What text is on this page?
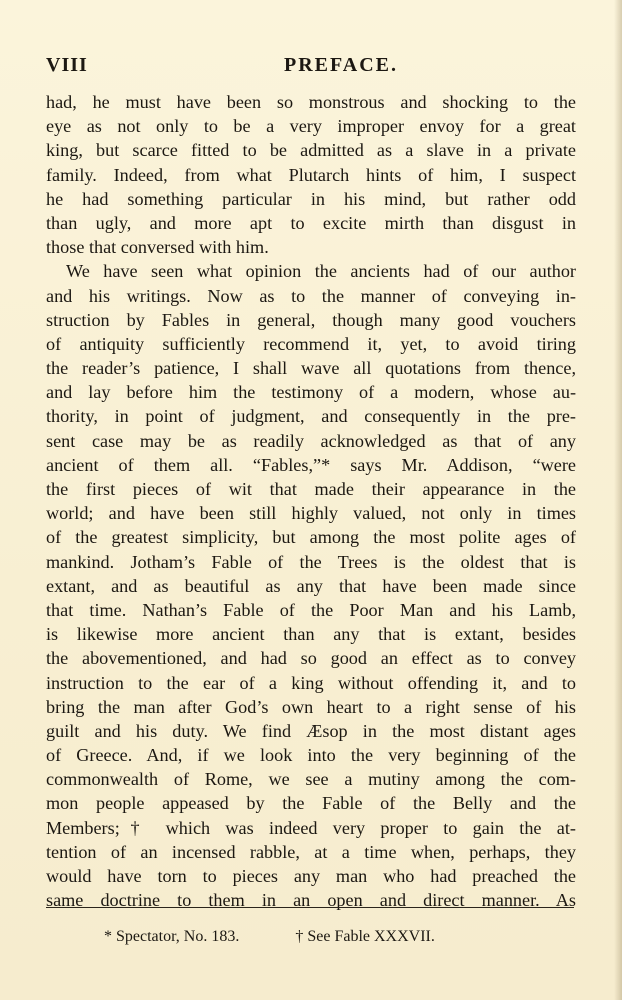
VIII	PREFACE.
had, he must have been so monstrous and shocking to the
eye as not only to be a very improper envoy for a great
king, but scarce fitted to be admitted as a slave in a private
family. Indeed, from what Plutarch hints of him, I suspect
he had something particular in his mind, but rather odd
than ugly, and more apt to excite mirth than disgust in
those that conversed with him.
We have seen what opinion the ancients had of our author
and his writings. Now as to the manner of conveying in-
struction by Fables in general, though many good vouchers
of antiquity sufficiently recommend it, yet, to avoid tiring
the reader’s patience, I shall wave all quotations from thence,
and lay before him the testimony of a modern, whose au-
thority, in point of judgment, and consequently in the pre-
sent case may be as readily acknowledged as that of any
ancient of them all. “Fables,”* says Mr. Addison, “were
the first pieces of wit that made their appearance in the
world; and have been still highly valued, not only in times
of the greatest simplicity, but among the most polite ages of
mankind. Jotham’s Fable of the Trees is the oldest that is
extant, and as beautiful as any that have been made since
that time. Nathan’s Fable of the Poor Man and his Lamb,
is likewise more ancient than any that is extant, besides
the abovementioned, and had so good an effect as to convey
instruction to the ear of a king without offending it, and to
bring the man after God’s own heart to a right sense of his
guilt and his duty. We find Æsop in the most distant ages
of Greece. And, if we look into the very beginning of the
commonwealth of Rome, we see a mutiny among the com-
mon people appeased by the Fable of the Belly and the
Members;† which was indeed very proper to gain the at-
tention of an incensed rabble, at a time when, perhaps, they
would have torn to pieces any man who had preached the
same doctrine to them in an open and direct manner. As
* Spectator, No. 183.	† See Fable XXXVII.
